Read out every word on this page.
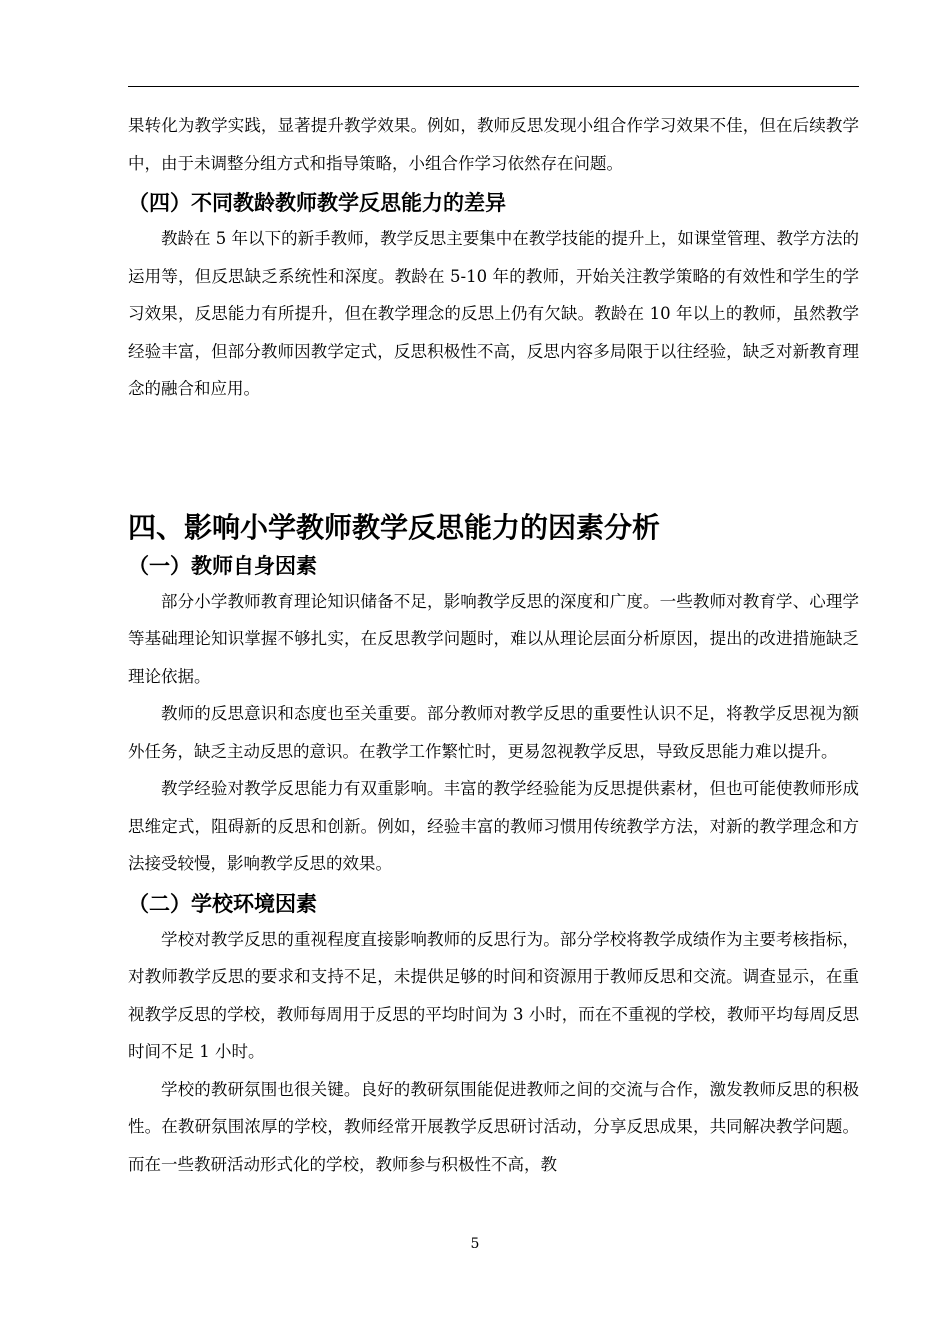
果转化为教学实践，显著提升教学效果。例如，教师反思发现小组合作学习效果不佳，但在后续教学中，由于未调整分组方式和指导策略，小组合作学习依然存在问题。

（四）不同教龄教师教学反思能力的差异

教龄在 5 年以下的新手教师，教学反思主要集中在教学技能的提升上，如课堂管理、教学方法的运用等，但反思缺乏系统性和深度。教龄在 5-10 年的教师，开始关注教学策略的有效性和学生的学习效果，反思能力有所提升，但在教学理念的反思上仍有欠缺。教龄在 10 年以上的教师，虽然教学经验丰富，但部分教师因教学定式，反思积极性不高，反思内容多局限于以往经验，缺乏对新教育理念的融合和应用。

四、影响小学教师教学反思能力的因素分析
（一）教师自身因素

部分小学教师教育理论知识储备不足，影响教学反思的深度和广度。一些教师对教育学、心理学等基础理论知识掌握不够扎实，在反思教学问题时，难以从理论层面分析原因，提出的改进措施缺乏理论依据。

教师的反思意识和态度也至关重要。部分教师对教学反思的重要性认识不足，将教学反思视为额外任务，缺乏主动反思的意识。在教学工作繁忙时，更易忽视教学反思，导致反思能力难以提升。

教学经验对教学反思能力有双重影响。丰富的教学经验能为反思提供素材，但也可能使教师形成思维定式，阻碍新的反思和创新。例如，经验丰富的教师习惯用传统教学方法，对新的教学理念和方法接受较慢，影响教学反思的效果。

（二）学校环境因素

学校对教学反思的重视程度直接影响教师的反思行为。部分学校将教学成绩作为主要考核指标，对教师教学反思的要求和支持不足，未提供足够的时间和资源用于教师反思和交流。调查显示，在重视教学反思的学校，教师每周用于反思的平均时间为 3 小时，而在不重视的学校，教师平均每周反思时间不足 1 小时。

学校的教研氛围也很关键。良好的教研氛围能促进教师之间的交流与合作，激发教师反思的积极性。在教研氛围浓厚的学校，教师经常开展教学反思研讨活动，分享反思成果，共同解决教学问题。而在一些教研活动形式化的学校，教师参与积极性不高，教

5
